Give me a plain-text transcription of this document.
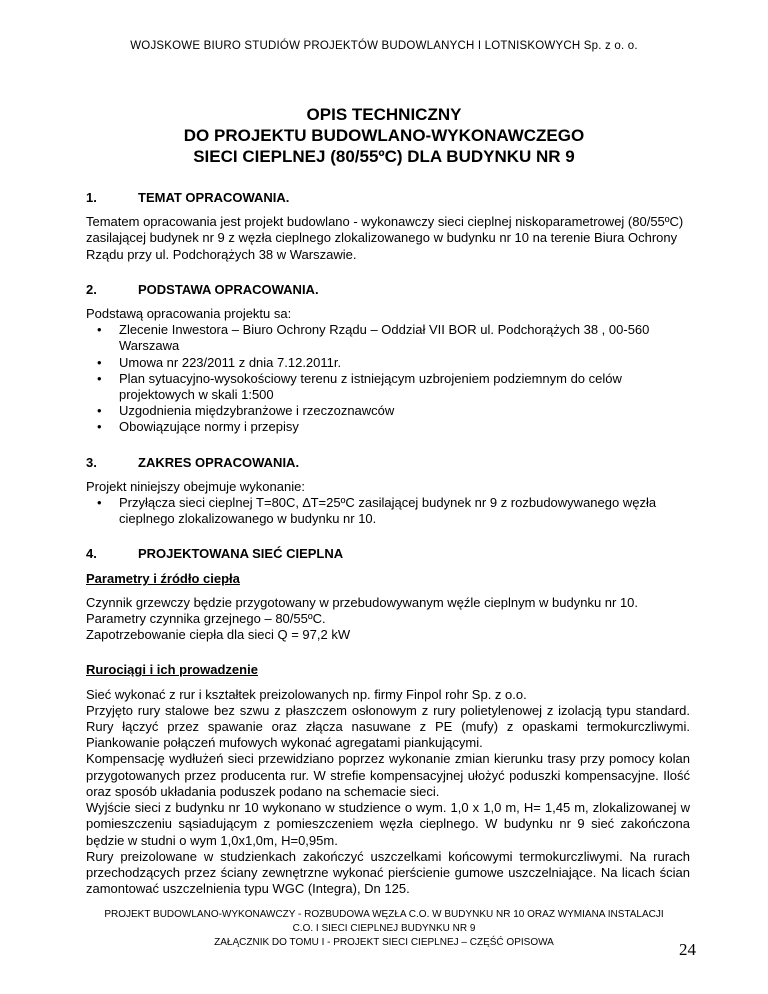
WOJSKOWE BIURO STUDIÓW PROJEKTÓW BUDOWLANYCH I LOTNISKOWYCH Sp. z o. o.
OPIS TECHNICZNY
DO PROJEKTU BUDOWLANO-WYKONAWCZEGO
SIECI CIEPLNEJ (80/55ºC) DLA BUDYNKU NR 9
1.	TEMAT OPRACOWANIA.
Tematem opracowania jest projekt budowlano - wykonawczy sieci cieplnej niskoparametrowej (80/55ºC) zasilającej budynek nr 9 z węzła cieplnego zlokalizowanego w budynku nr 10 na terenie Biura Ochrony Rządu przy ul. Podchorążych 38 w Warszawie.
2.	PODSTAWA OPRACOWANIA.
Podstawą opracowania projektu sa:
• Zlecenie Inwestora – Biuro Ochrony Rządu – Oddział VII BOR ul. Podchorążych 38 , 00-560 Warszawa
• Umowa nr 223/2011 z dnia 7.12.2011r.
• Plan sytuacyjno-wysokościowy terenu z istniejącym uzbrojeniem podziemnym do celów projektowych w skali 1:500
• Uzgodnienia międzybranżowe i rzeczoznawców
• Obowiązujące normy i przepisy
3.	ZAKRES OPRACOWANIA.
Projekt niniejszy obejmuje wykonanie:
• Przyłącza sieci cieplnej T=80C, ∆T=25ºC zasilającej budynek nr 9 z rozbudowywanego węzła cieplnego zlokalizowanego w budynku nr 10.
4.	PROJEKTOWANA SIEĆ CIEPLNA
Parametry i źródło ciepła
Czynnik grzewczy będzie przygotowany w przebudowywanym węźle cieplnym w budynku nr 10.
Parametry czynnika grzejnego – 80/55ºC.
Zapotrzebowanie ciepła dla sieci Q = 97,2 kW
Rurociągi i ich prowadzenie
Sieć wykonać z rur i kształtek preizolowanych np. firmy Finpol rohr Sp. z o.o.
Przyjęto rury stalowe bez szwu z płaszczem osłonowym z rury polietylenowej z izolacją typu standard. Rury łączyć przez spawanie oraz złącza nasuwane z PE (mufy) z opaskami termokurczliwymi. Piankowanie połączeń mufowych wykonać agregatami piankującymi.
Kompensację wydłużeń sieci przewidziano poprzez wykonanie zmian kierunku trasy przy pomocy kolan przygotowanych przez producenta rur. W strefie kompensacyjnej ułożyć poduszki kompensacyjne. Ilość oraz sposób układania poduszek podano na schemacie sieci.
Wyjście sieci z budynku nr 10 wykonano w studzience o wym. 1,0 x 1,0 m, H= 1,45 m, zlokalizowanej w pomieszczeniu sąsiadującym z pomieszczeniem węzła cieplnego. W budynku nr 9 sieć zakończona będzie w studni o wym 1,0x1,0m, H=0,95m.
Rury preizolowane w studzienkach zakończyć uszczelkami końcowymi termokurczliwymi. Na rurach przechodzących przez ściany zewnętrzne wykonać pierścienie gumowe uszczelniające. Na licach ścian zamontować uszczelnienia typu WGC (Integra), Dn 125.
PROJEKT BUDOWLANO-WYKONAWCZY - ROZBUDOWA WĘZŁA C.O. W BUDYNKU NR 10 ORAZ WYMIANA INSTALACJI
C.O. I SIECI CIEPLNEJ BUDYNKU NR 9
ZAŁĄCZNIK DO TOMU I - PROJEKT SIECI CIEPLNEJ – CZĘŚĆ OPISOWA	24
